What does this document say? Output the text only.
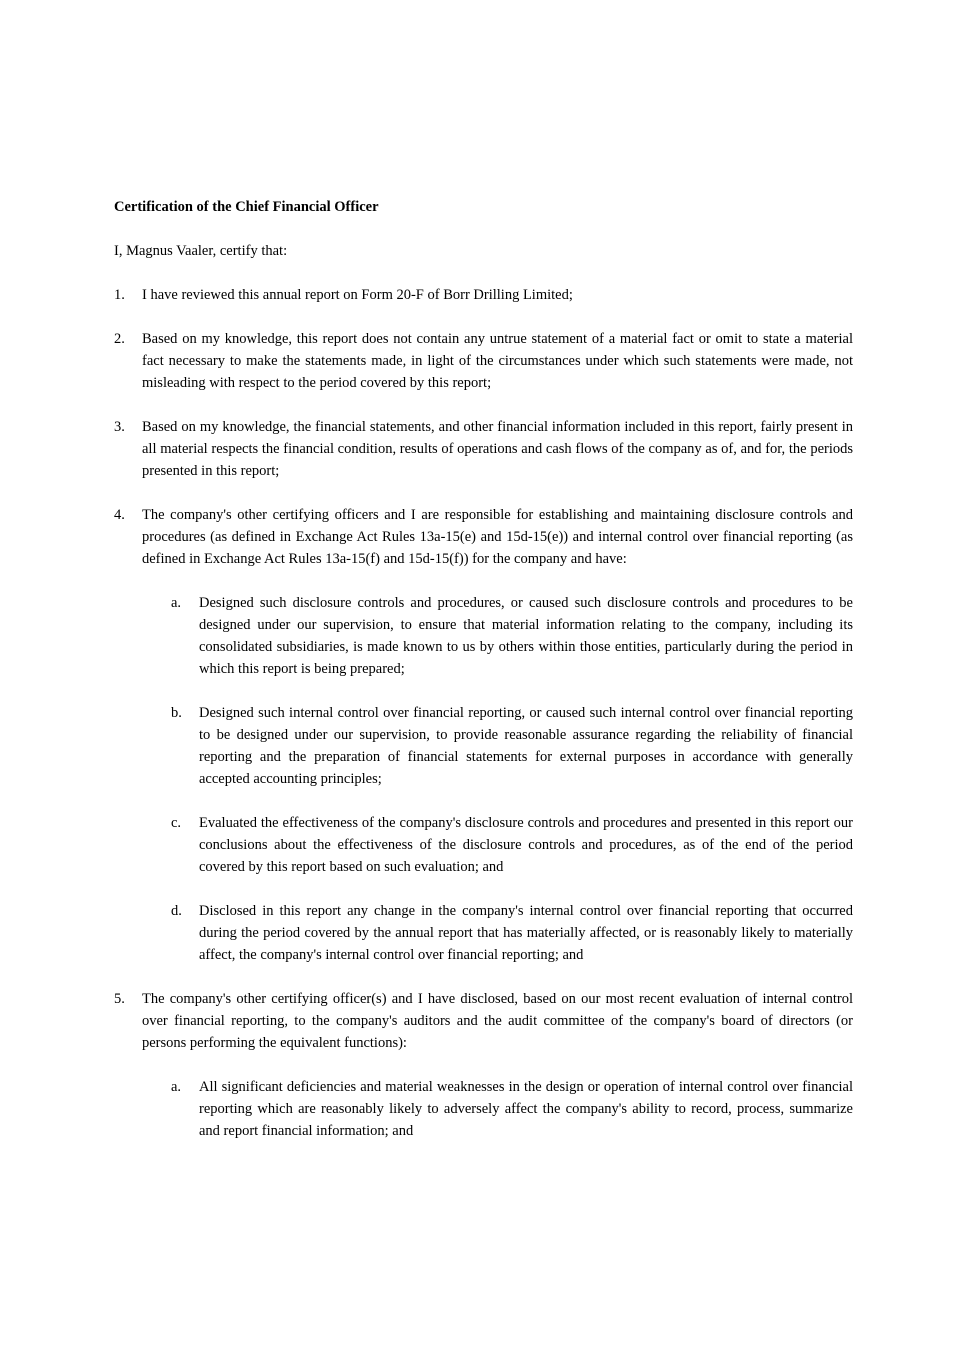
Certification of the Chief Financial Officer
I, Magnus Vaaler, certify that:
1.	I have reviewed this annual report on Form 20-F of Borr Drilling Limited;
2.	Based on my knowledge, this report does not contain any untrue statement of a material fact or omit to state a material fact necessary to make the statements made, in light of the circumstances under which such statements were made, not misleading with respect to the period covered by this report;
3.	Based on my knowledge, the financial statements, and other financial information included in this report, fairly present in all material respects the financial condition, results of operations and cash flows of the company as of, and for, the periods presented in this report;
4.	The company's other certifying officers and I are responsible for establishing and maintaining disclosure controls and procedures (as defined in Exchange Act Rules 13a-15(e) and 15d-15(e)) and internal control over financial reporting (as defined in Exchange Act Rules 13a-15(f) and 15d-15(f)) for the company and have:
a.	Designed such disclosure controls and procedures, or caused such disclosure controls and procedures to be designed under our supervision, to ensure that material information relating to the company, including its consolidated subsidiaries, is made known to us by others within those entities, particularly during the period in which this report is being prepared;
b.	Designed such internal control over financial reporting, or caused such internal control over financial reporting to be designed under our supervision, to provide reasonable assurance regarding the reliability of financial reporting and the preparation of financial statements for external purposes in accordance with generally accepted accounting principles;
c.	Evaluated the effectiveness of the company's disclosure controls and procedures and presented in this report our conclusions about the effectiveness of the disclosure controls and procedures, as of the end of the period covered by this report based on such evaluation; and
d.	Disclosed in this report any change in the company's internal control over financial reporting that occurred during the period covered by the annual report that has materially affected, or is reasonably likely to materially affect, the company's internal control over financial reporting; and
5.	The company's other certifying officer(s) and I have disclosed, based on our most recent evaluation of internal control over financial reporting, to the company's auditors and the audit committee of the company's board of directors (or persons performing the equivalent functions):
a.	All significant deficiencies and material weaknesses in the design or operation of internal control over financial reporting which are reasonably likely to adversely affect the company's ability to record, process, summarize and report financial information; and
